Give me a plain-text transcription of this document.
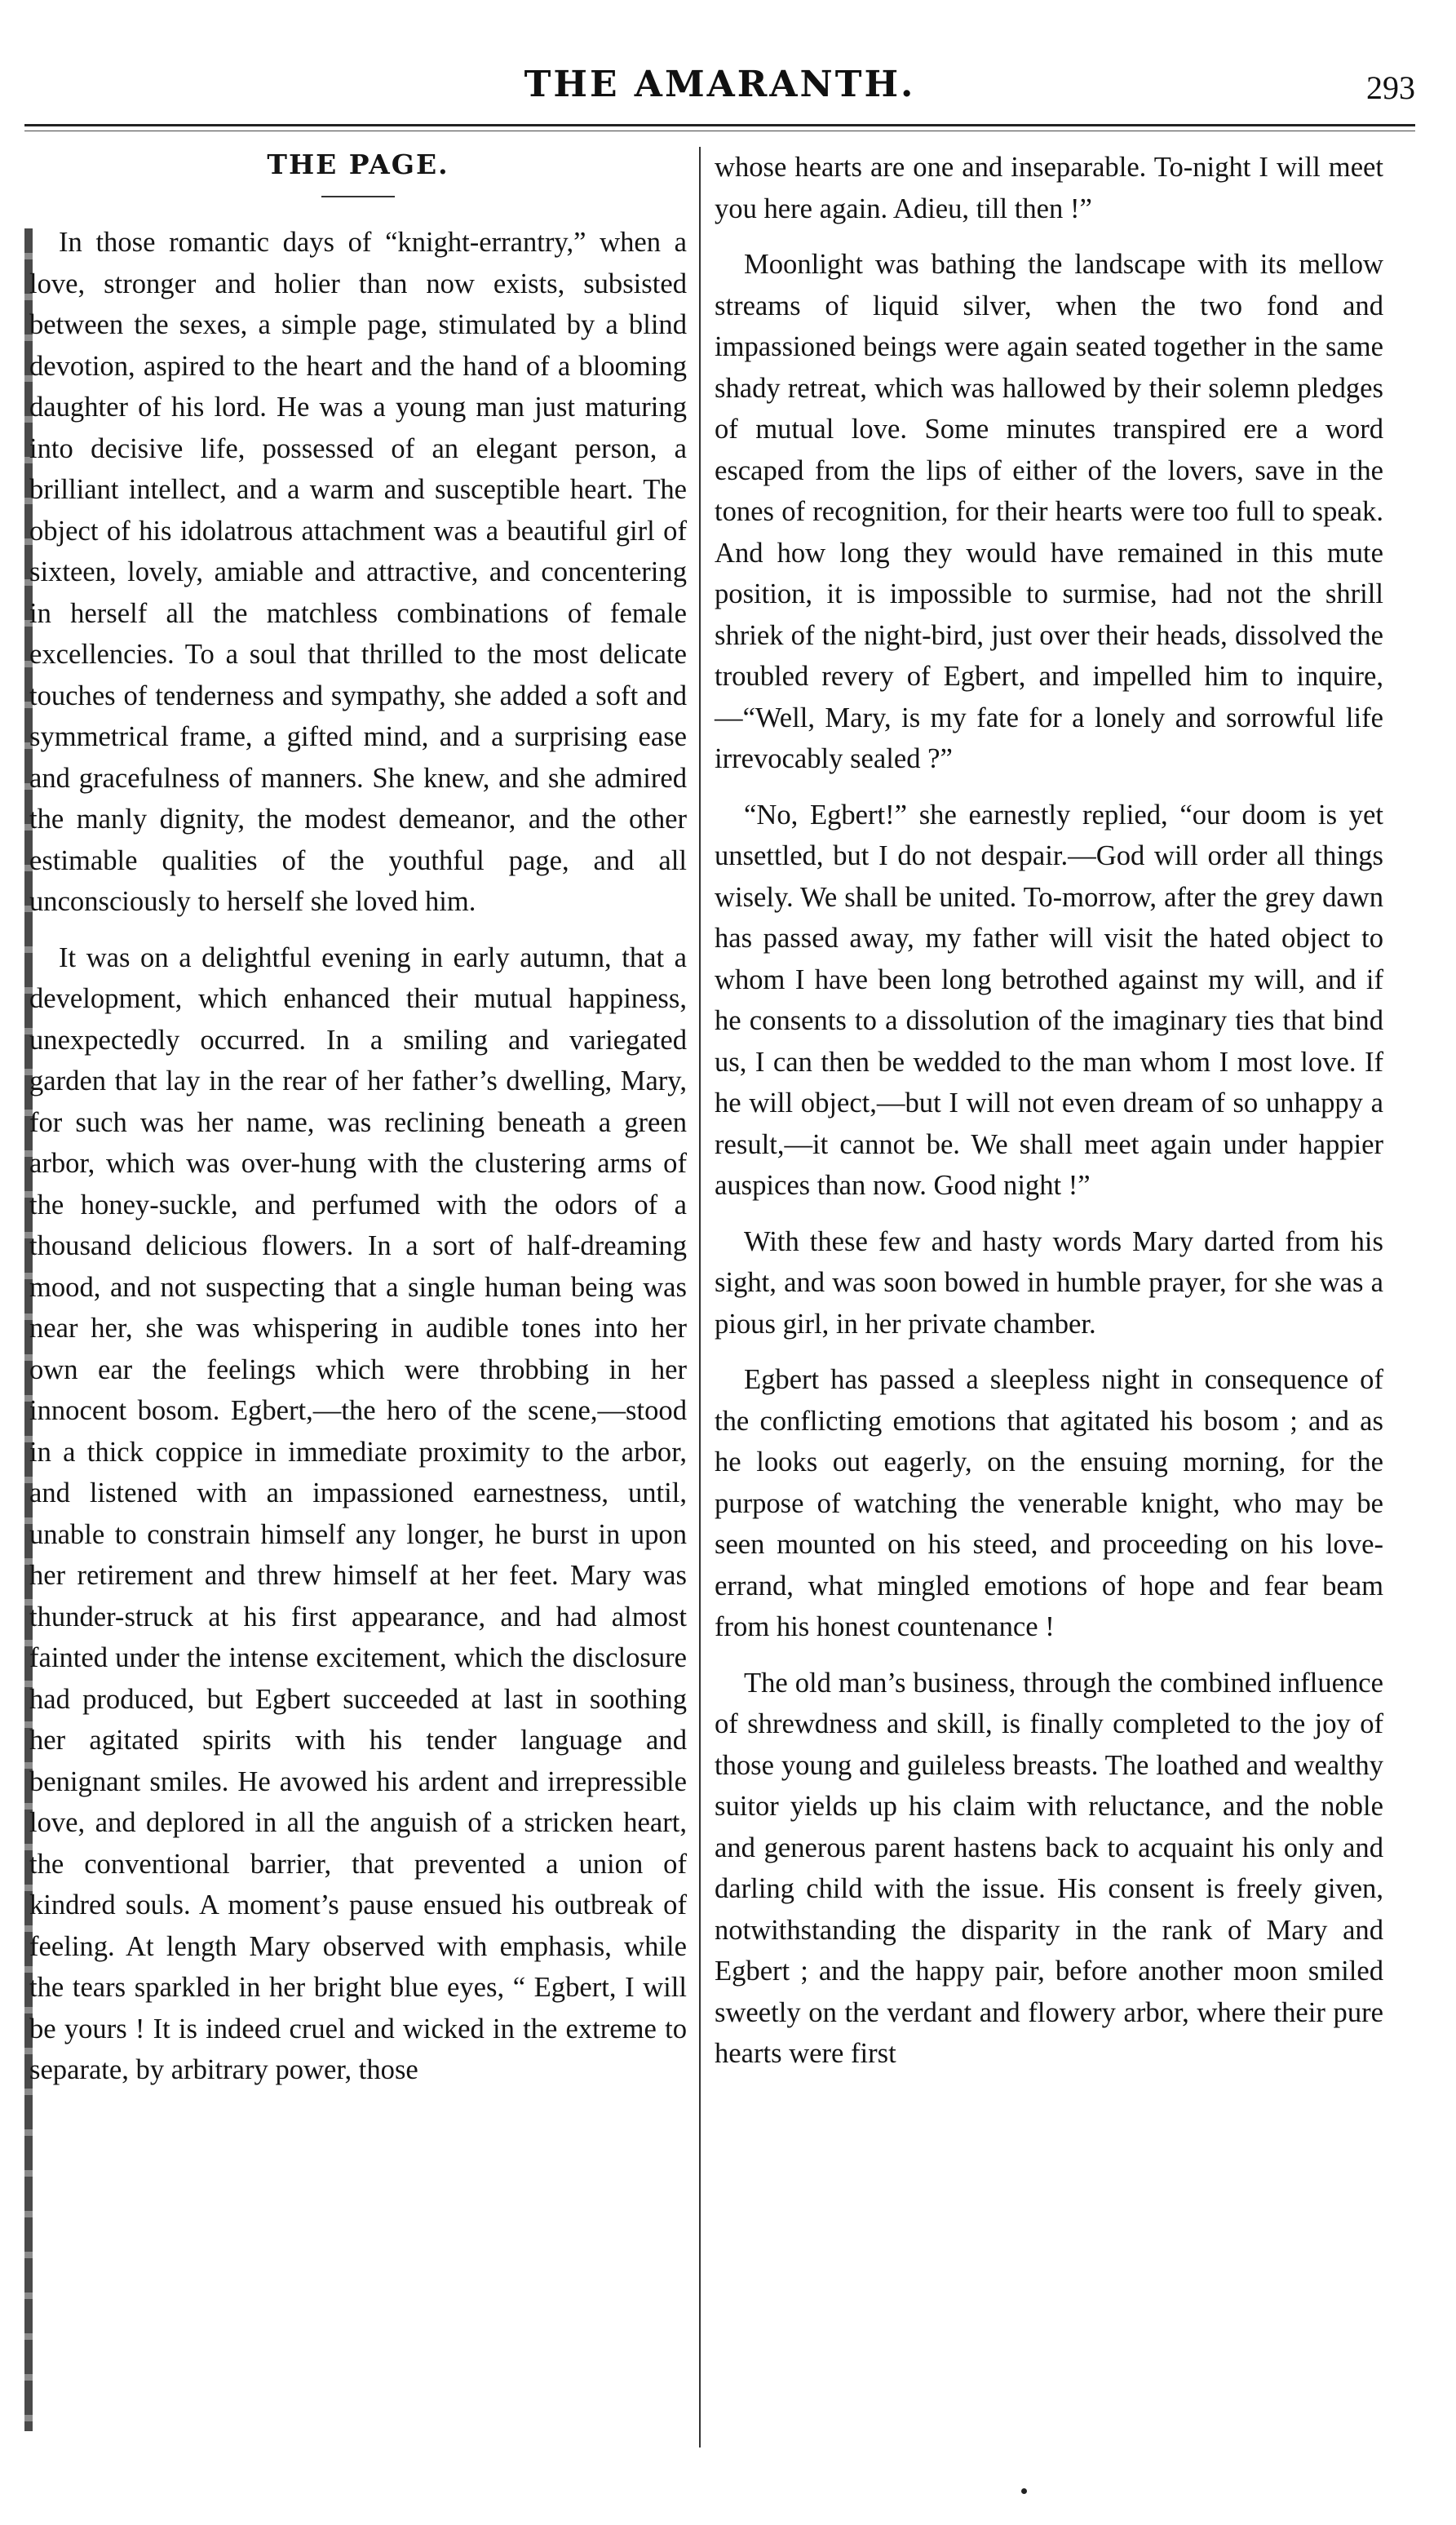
THE AMARANTH.	293
THE PAGE.

In those romantic days of “knight-errantry,” when a love, stronger and holier than now exists, subsisted between the sexes, a simple page, stimulated by a blind devotion, aspired to the heart and the hand of a blooming daughter of his lord. He was a young man just maturing into decisive life, possessed of an elegant person, a brilliant intellect, and a warm and susceptible heart. The object of his idolatrous attachment was a beautiful girl of sixteen, lovely, amiable and attractive, and concentering in herself all the matchless combinations of female excellencies. To a soul that thrilled to the most delicate touches of tenderness and sympathy, she added a soft and symmetrical frame, a gifted mind, and a surprising ease and gracefulness of manners. She knew, and she admired the manly dignity, the modest demeanor, and the other estimable qualities of the youthful page, and all unconsciously to herself she loved him.

It was on a delightful evening in early autumn, that a development, which enhanced their mutual happiness, unexpectedly occurred. In a smiling and variegated garden that lay in the rear of her father’s dwelling, Mary, for such was her name, was reclining beneath a green arbor, which was over-hung with the clustering arms of the honey-suckle, and perfumed with the odors of a thousand delicious flowers. In a sort of half-dreaming mood, and not suspecting that a single human being was near her, she was whispering in audible tones into her own ear the feelings which were throbbing in her innocent bosom. Egbert,—the hero of the scene,—stood in a thick coppice in immediate proximity to the arbor, and listened with an impassioned earnestness, until, unable to constrain himself any longer, he burst in upon her retirement and threw himself at her feet. Mary was thunder-struck at his first appearance, and had almost fainted under the intense excitement, which the disclosure had produced, but Egbert succeeded at last in soothing her agitated spirits with his tender language and benignant smiles. He avowed his ardent and irrepressible love, and deplored in all the anguish of a stricken heart, the conventional barrier, that prevented a union of kindred souls. A moment’s pause ensued his outbreak of feeling. At length Mary observed with emphasis, while the tears sparkled in her bright blue eyes, “ Egbert, I will be yours ! It is indeed cruel and wicked in the extreme to separate, by arbitrary power, those

whose hearts are one and inseparable. To-night I will meet you here again. Adieu, till then !”

Moonlight was bathing the landscape with its mellow streams of liquid silver, when the two fond and impassioned beings were again seated together in the same shady retreat, which was hallowed by their solemn pledges of mutual love. Some minutes transpired ere a word escaped from the lips of either of the lovers, save in the tones of recognition, for their hearts were too full to speak. And how long they would have remained in this mute position, it is impossible to surmise, had not the shrill shriek of the night-bird, just over their heads, dissolved the troubled revery of Egbert, and impelled him to inquire,—“Well, Mary, is my fate for a lonely and sorrowful life irrevocably sealed ?”

“No, Egbert!” she earnestly replied, “our doom is yet unsettled, but I do not despair.—God will order all things wisely. We shall be united. To-morrow, after the grey dawn has passed away, my father will visit the hated object to whom I have been long betrothed against my will, and if he consents to a dissolution of the imaginary ties that bind us, I can then be wedded to the man whom I most love. If he will object,—but I will not even dream of so unhappy a result,—it cannot be. We shall meet again under happier auspices than now. Good night !”

With these few and hasty words Mary darted from his sight, and was soon bowed in humble prayer, for she was a pious girl, in her private chamber.

Egbert has passed a sleepless night in consequence of the conflicting emotions that agitated his bosom ; and as he looks out eagerly, on the ensuing morning, for the purpose of watching the venerable knight, who may be seen mounted on his steed, and proceeding on his love-errand, what mingled emotions of hope and fear beam from his honest countenance !

The old man’s business, through the combined influence of shrewdness and skill, is finally completed to the joy of those young and guileless breasts. The loathed and wealthy suitor yields up his claim with reluctance, and the noble and generous parent hastens back to acquaint his only and darling child with the issue. His consent is freely given, notwithstanding the disparity in the rank of Mary and Egbert ; and the happy pair, before another moon smiled sweetly on the verdant and flowery arbor, where their pure hearts were first
